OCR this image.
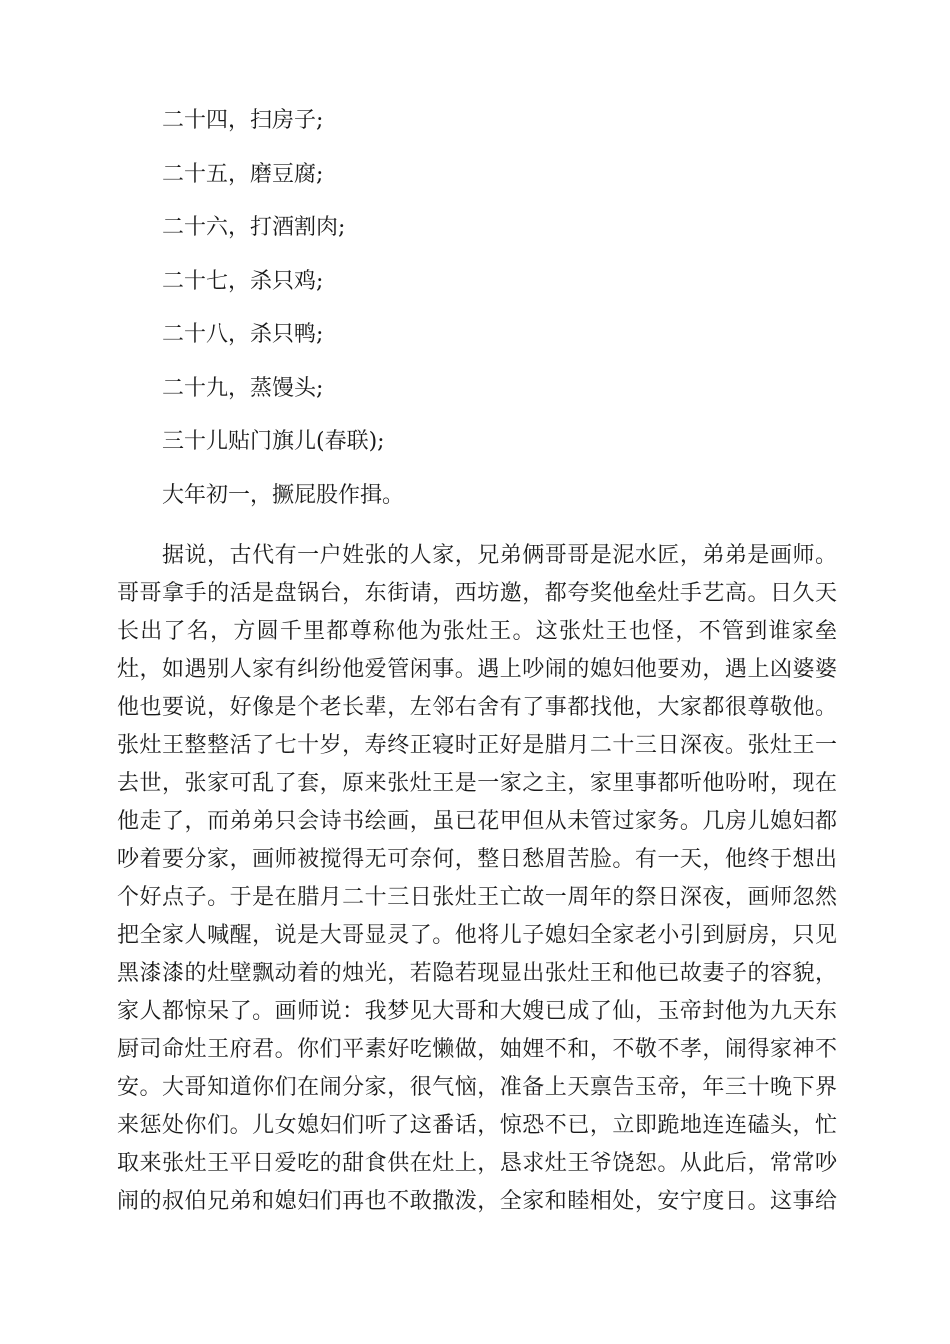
二十四，扫房子;
二十五，磨豆腐;
二十六，打酒割肉;
二十七，杀只鸡;
二十八，杀只鸭;
二十九，蒸馒头;
三十儿贴门旗儿(春联);
大年初一，撅屁股作揖。
据说，古代有一户姓张的人家，兄弟俩哥哥是泥水匠，弟弟是画师。
哥哥拿手的活是盘锅台，东街请，西坊邀，都夸奖他垒灶手艺高。日久天
长出了名，方圆千里都尊称他为张灶王。这张灶王也怪，不管到谁家垒
灶，如遇别人家有纠纷他爱管闲事。遇上吵闹的媳妇他要劝，遇上凶婆婆
他也要说，好像是个老长辈，左邻右舍有了事都找他，大家都很尊敬他。
张灶王整整活了七十岁，寿终正寝时正好是腊月二十三日深夜。张灶王一
去世，张家可乱了套，原来张灶王是一家之主，家里事都听他吩咐，现在
他走了，而弟弟只会诗书绘画，虽已花甲但从未管过家务。几房儿媳妇都
吵着要分家，画师被搅得无可奈何，整日愁眉苦脸。有一天，他终于想出
个好点子。于是在腊月二十三日张灶王亡故一周年的祭日深夜，画师忽然
把全家人喊醒，说是大哥显灵了。他将儿子媳妇全家老小引到厨房，只见
黑漆漆的灶壁飘动着的烛光，若隐若现显出张灶王和他已故妻子的容貌，
家人都惊呆了。画师说：我梦见大哥和大嫂已成了仙，玉帝封他为九天东
厨司命灶王府君。你们平素好吃懒做，妯娌不和，不敬不孝，闹得家神不
安。大哥知道你们在闹分家，很气恼，准备上天禀告玉帝，年三十晚下界
来惩处你们。儿女媳妇们听了这番话，惊恐不已，立即跪地连连磕头，忙
取来张灶王平日爱吃的甜食供在灶上，恳求灶王爷饶恕。从此后，常常吵
闹的叔伯兄弟和媳妇们再也不敢撒泼，全家和睦相处，安宁度日。这事给
